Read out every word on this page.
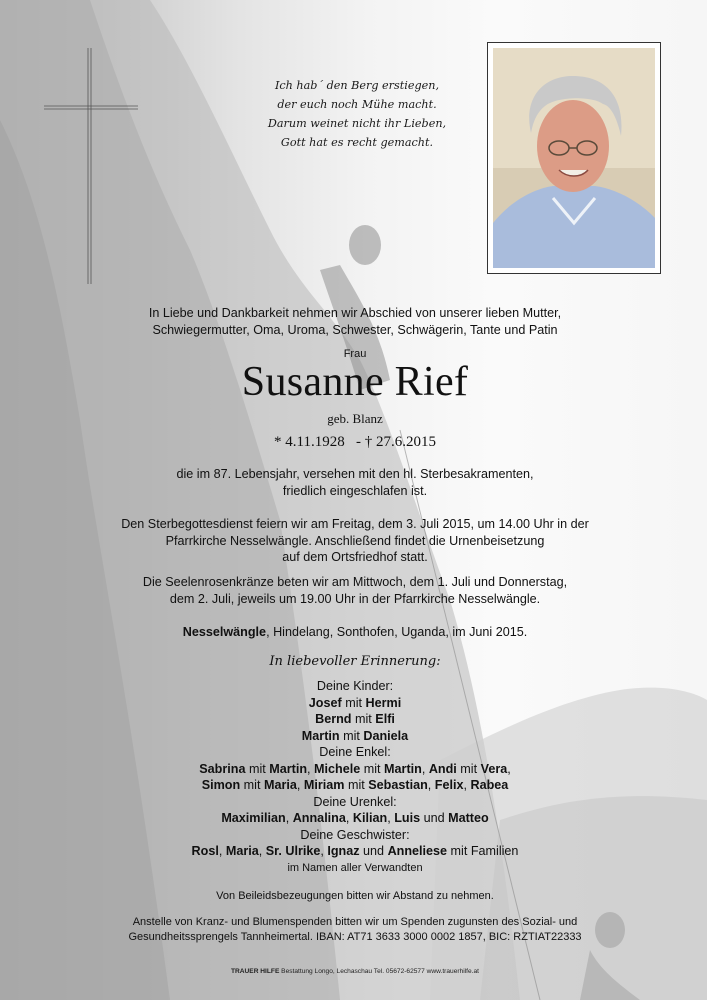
Ich hab´ den Berg erstiegen,
der euch noch Mühe macht.
Darum weinet nicht ihr Lieben,
Gott hat es recht gemacht.
In Liebe und Dankbarkeit nehmen wir Abschied von unserer lieben Mutter,
Schwiegermutter, Oma, Uroma, Schwester, Schwägerin, Tante und Patin
Frau
Susanne Rief
geb. Blanz
* 4.11.1928 - † 27.6.2015
die im 87. Lebensjahr, versehen mit den hl. Sterbesakramenten,
friedlich eingeschlafen ist.
Den Sterbegottesdienst feiern wir am Freitag, dem 3. Juli 2015, um 14.00 Uhr in der
Pfarrkirche Nesselwängle. Anschließend findet die Urnenbeisetzung
auf dem Ortsfriedhof statt.
Die Seelenrosenkränze beten wir am Mittwoch, dem 1. Juli und Donnerstag,
dem 2. Juli, jeweils um 19.00 Uhr in der Pfarrkirche Nesselwängle.
Nesselwängle, Hindelang, Sonthofen, Uganda, im Juni 2015.
In liebevoller Erinnerung:
Deine Kinder:
Josef mit Hermi
Bernd mit Elfi
Martin mit Daniela
Deine Enkel:
Sabrina mit Martin, Michele mit Martin, Andi mit Vera,
Simon mit Maria, Miriam mit Sebastian, Felix, Rabea
Deine Urenkel:
Maximilian, Annalina, Kilian, Luis und Matteo
Deine Geschwister:
Rosl, Maria, Sr. Ulrike, Ignaz und Anneliese mit Familien
im Namen aller Verwandten
Von Beileidsbezeugungen bitten wir Abstand zu nehmen.
Anstelle von Kranz- und Blumenspenden bitten wir um Spenden zugunsten des Sozial- und
Gesundheitssprengels Tannheimertal. IBAN: AT71 3633 3000 0002 1857, BIC: RZTIAT22333
TRAUER HILFE Bestattung Longo, Lechaschau Tel. 05672-62577 www.trauerhilfe.at
